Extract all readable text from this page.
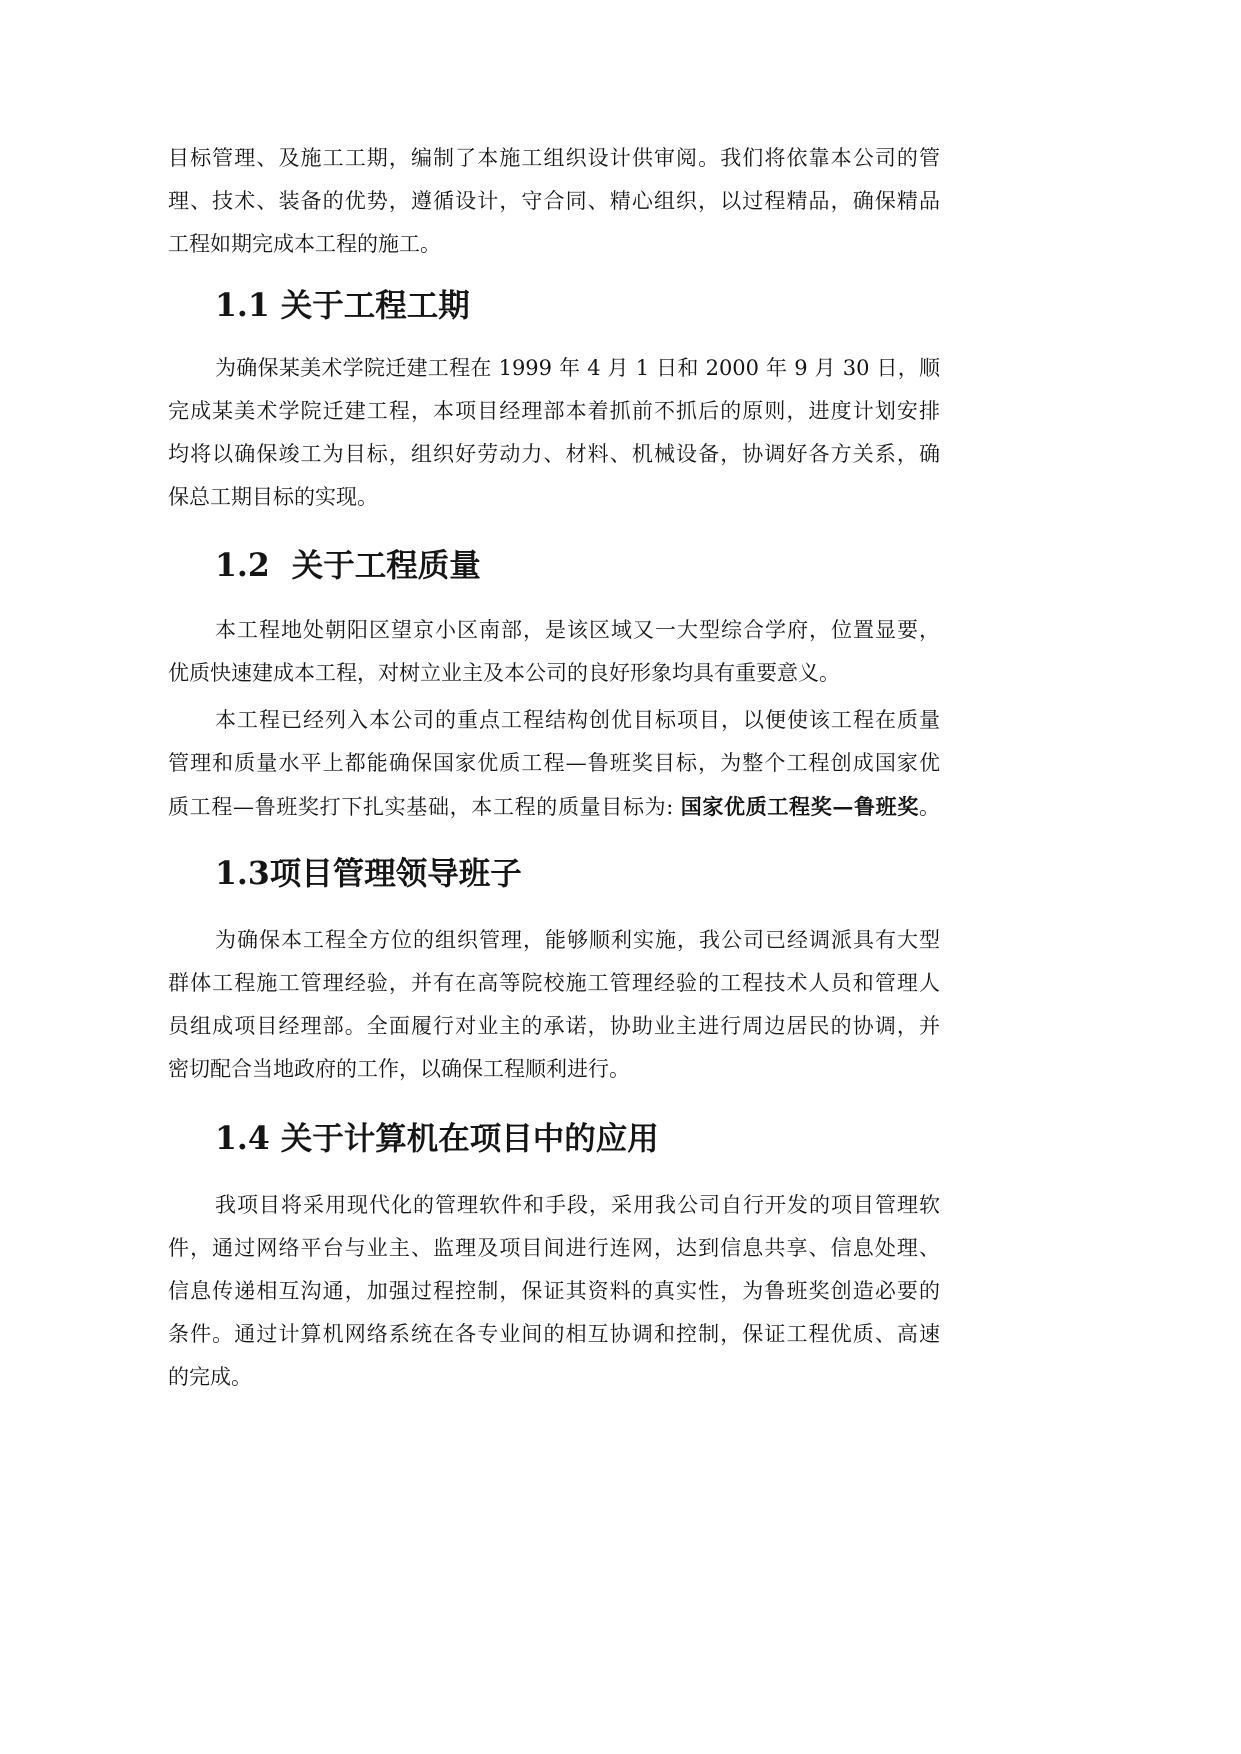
目标管理、及施工工期，编制了本施工组织设计供审阅。我们将依靠本公司的管
理、技术、装备的优势，遵循设计，守合同、精心组织，以过程精品，确保精品
工程如期完成本工程的施工。
1.1 关于工程工期
为确保某美术学院迁建工程在 1999 年 4 月 1 日和 2000 年 9 月 30 日，顺
完成某美术学院迁建工程，本项目经理部本着抓前不抓后的原则，进度计划安排
均将以确保竣工为目标，组织好劳动力、材料、机械设备，协调好各方关系，确
保总工期目标的实现。
1.2  关于工程质量
本工程地处朝阳区望京小区南部，是该区域又一大型综合学府，位置显要，
优质快速建成本工程，对树立业主及本公司的良好形象均具有重要意义。
本工程已经列入本公司的重点工程结构创优目标项目，以便使该工程在质量
管理和质量水平上都能确保国家优质工程—鲁班奖目标，为整个工程创成国家优
质工程—鲁班奖打下扎实基础，本工程的质量目标为: 国家优质工程奖—鲁班奖。
1.3项目管理领导班子
为确保本工程全方位的组织管理，能够顺利实施，我公司已经调派具有大型
群体工程施工管理经验，并有在高等院校施工管理经验的工程技术人员和管理人
员组成项目经理部。全面履行对业主的承诺，协助业主进行周边居民的协调，并
密切配合当地政府的工作，以确保工程顺利进行。
1.4 关于计算机在项目中的应用
我项目将采用现代化的管理软件和手段，采用我公司自行开发的项目管理软
件，通过网络平台与业主、监理及项目间进行连网，达到信息共享、信息处理、
信息传递相互沟通，加强过程控制，保证其资料的真实性，为鲁班奖创造必要的
条件。通过计算机网络系统在各专业间的相互协调和控制，保证工程优质、高速
的完成。
